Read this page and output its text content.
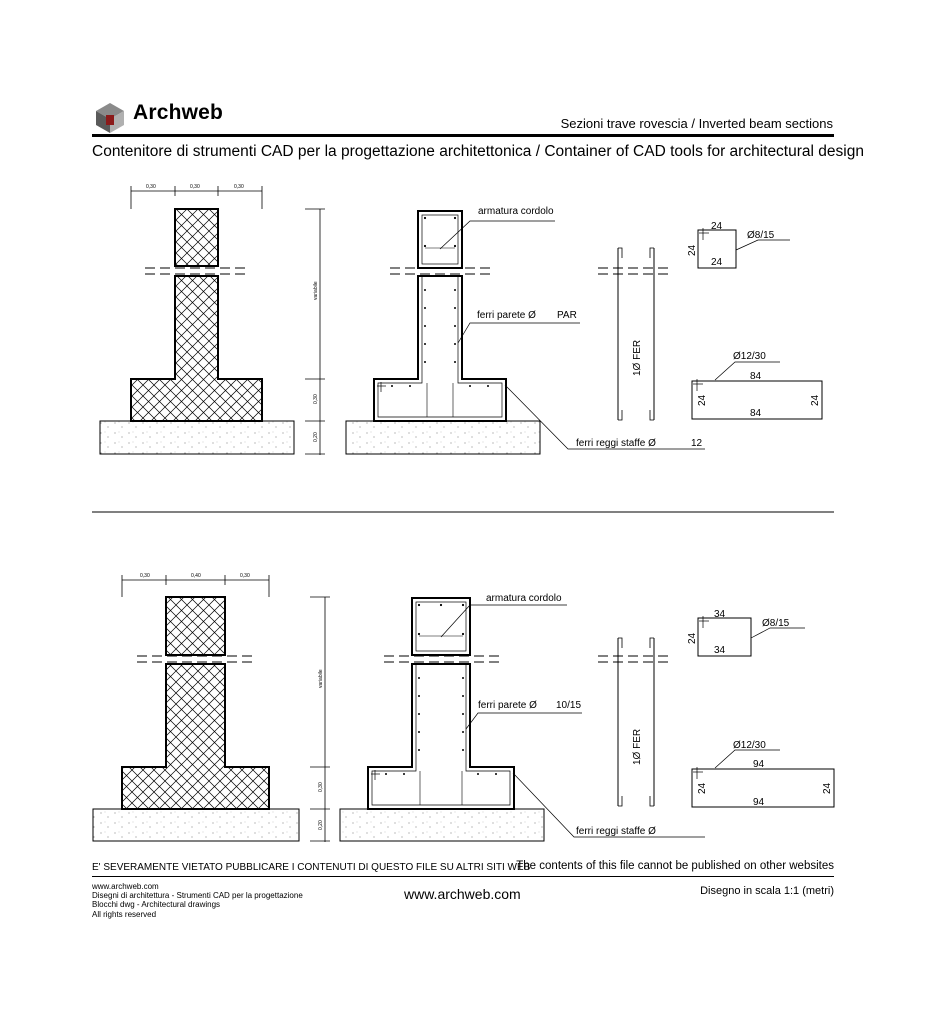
Archweb	Sezioni trave rovescia / Inverted beam sections
Contenitore di strumenti CAD per la progettazione architettonica / Container of CAD tools for architectural design
0,30	0,30	0,30
variabile
0,30
0,20
armatura cordolo
ferri parete Ø PAR
ferri reggi staffe Ø	12
1Ø FER
24
24
24
Ø8/15
Ø12/30
84
84
24	24
0,30	0,40	0,30
variabile
0,30
0,20
armatura cordolo
ferri parete Ø 10/15
ferri reggi staffe Ø
1Ø FER
34
34
24
Ø8/15
Ø12/30
94
94
24	24
E' SEVERAMENTE VIETATO PUBBLICARE I CONTENUTI DI QUESTO FILE SU ALTRI SITI WEB
The contents of this file cannot be published on other websites
www.archweb.com
Disegni di architettura - Strumenti CAD per la progettazione
Blocchi dwg - Architectural drawings
All rights reserved
www.archweb.com	Disegno in scala 1:1 (metri)
